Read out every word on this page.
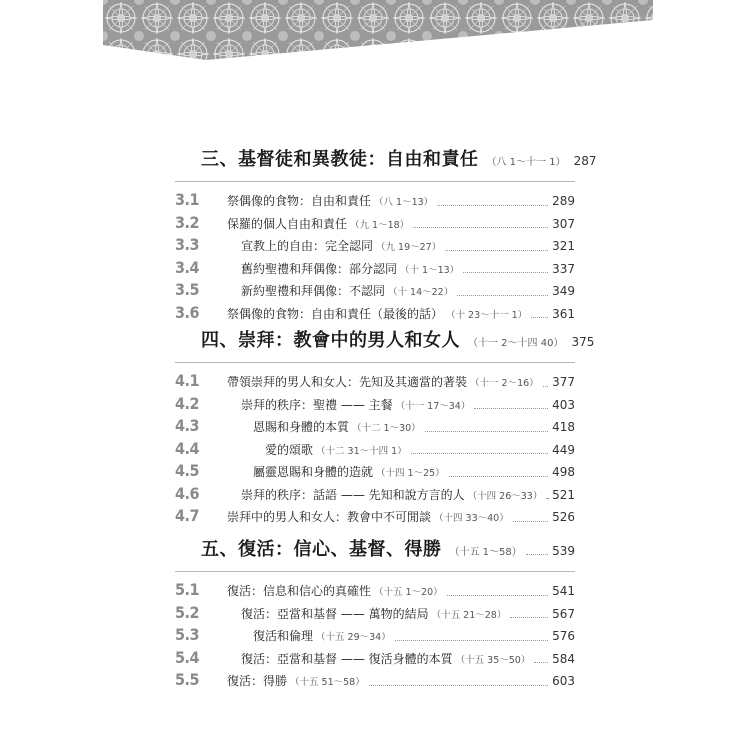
三、基督徒和異教徒：自由和責任 （八 1～十一 1） 287
3.1	祭偶像的食物：自由和責任 （八 1～13）	289
3.2	保羅的個人自由和責任 （九 1～18）	307
3.3	宣教上的自由：完全認同 （九 19～27）	321
3.4	舊約聖禮和拜偶像：部分認同 （十 1～13）	337
3.5	新約聖禮和拜偶像：不認同 （十 14～22）	349
3.6	祭偶像的食物：自由和責任（最後的話） （十 23～十一 1） 361
四、崇拜：教會中的男人和女人 （十一 2～十四 40） 375
4.1	帶領崇拜的男人和女人：先知及其適當的著裝 （十一 2～16） 377
4.2	崇拜的秩序：聖禮 —— 主餐 （十一 17～34）	403
4.3	恩賜和身體的本質 （十二 1～30）	418
4.4	愛的頌歌 （十二 31～十四 1）	449
4.5	屬靈恩賜和身體的造就 （十四 1～25）	498
4.6	崇拜的秩序：話語 —— 先知和說方言的人 （十四 26～33） 521
4.7	崇拜中的男人和女人：教會中不可閒談 （十四 33～40）	526
五、復活：信心、基督、得勝 （十五 1～58）	539
5.1	復活：信息和信心的真確性 （十五 1～20）	541
5.2	復活：亞當和基督 —— 萬物的結局 （十五 21～28）	567
5.3	復活和倫理 （十五 29～34）	576
5.4	復活：亞當和基督 —— 復活身體的本質 （十五 35～50） 584
5.5	復活：得勝 （十五 51～58）	603
